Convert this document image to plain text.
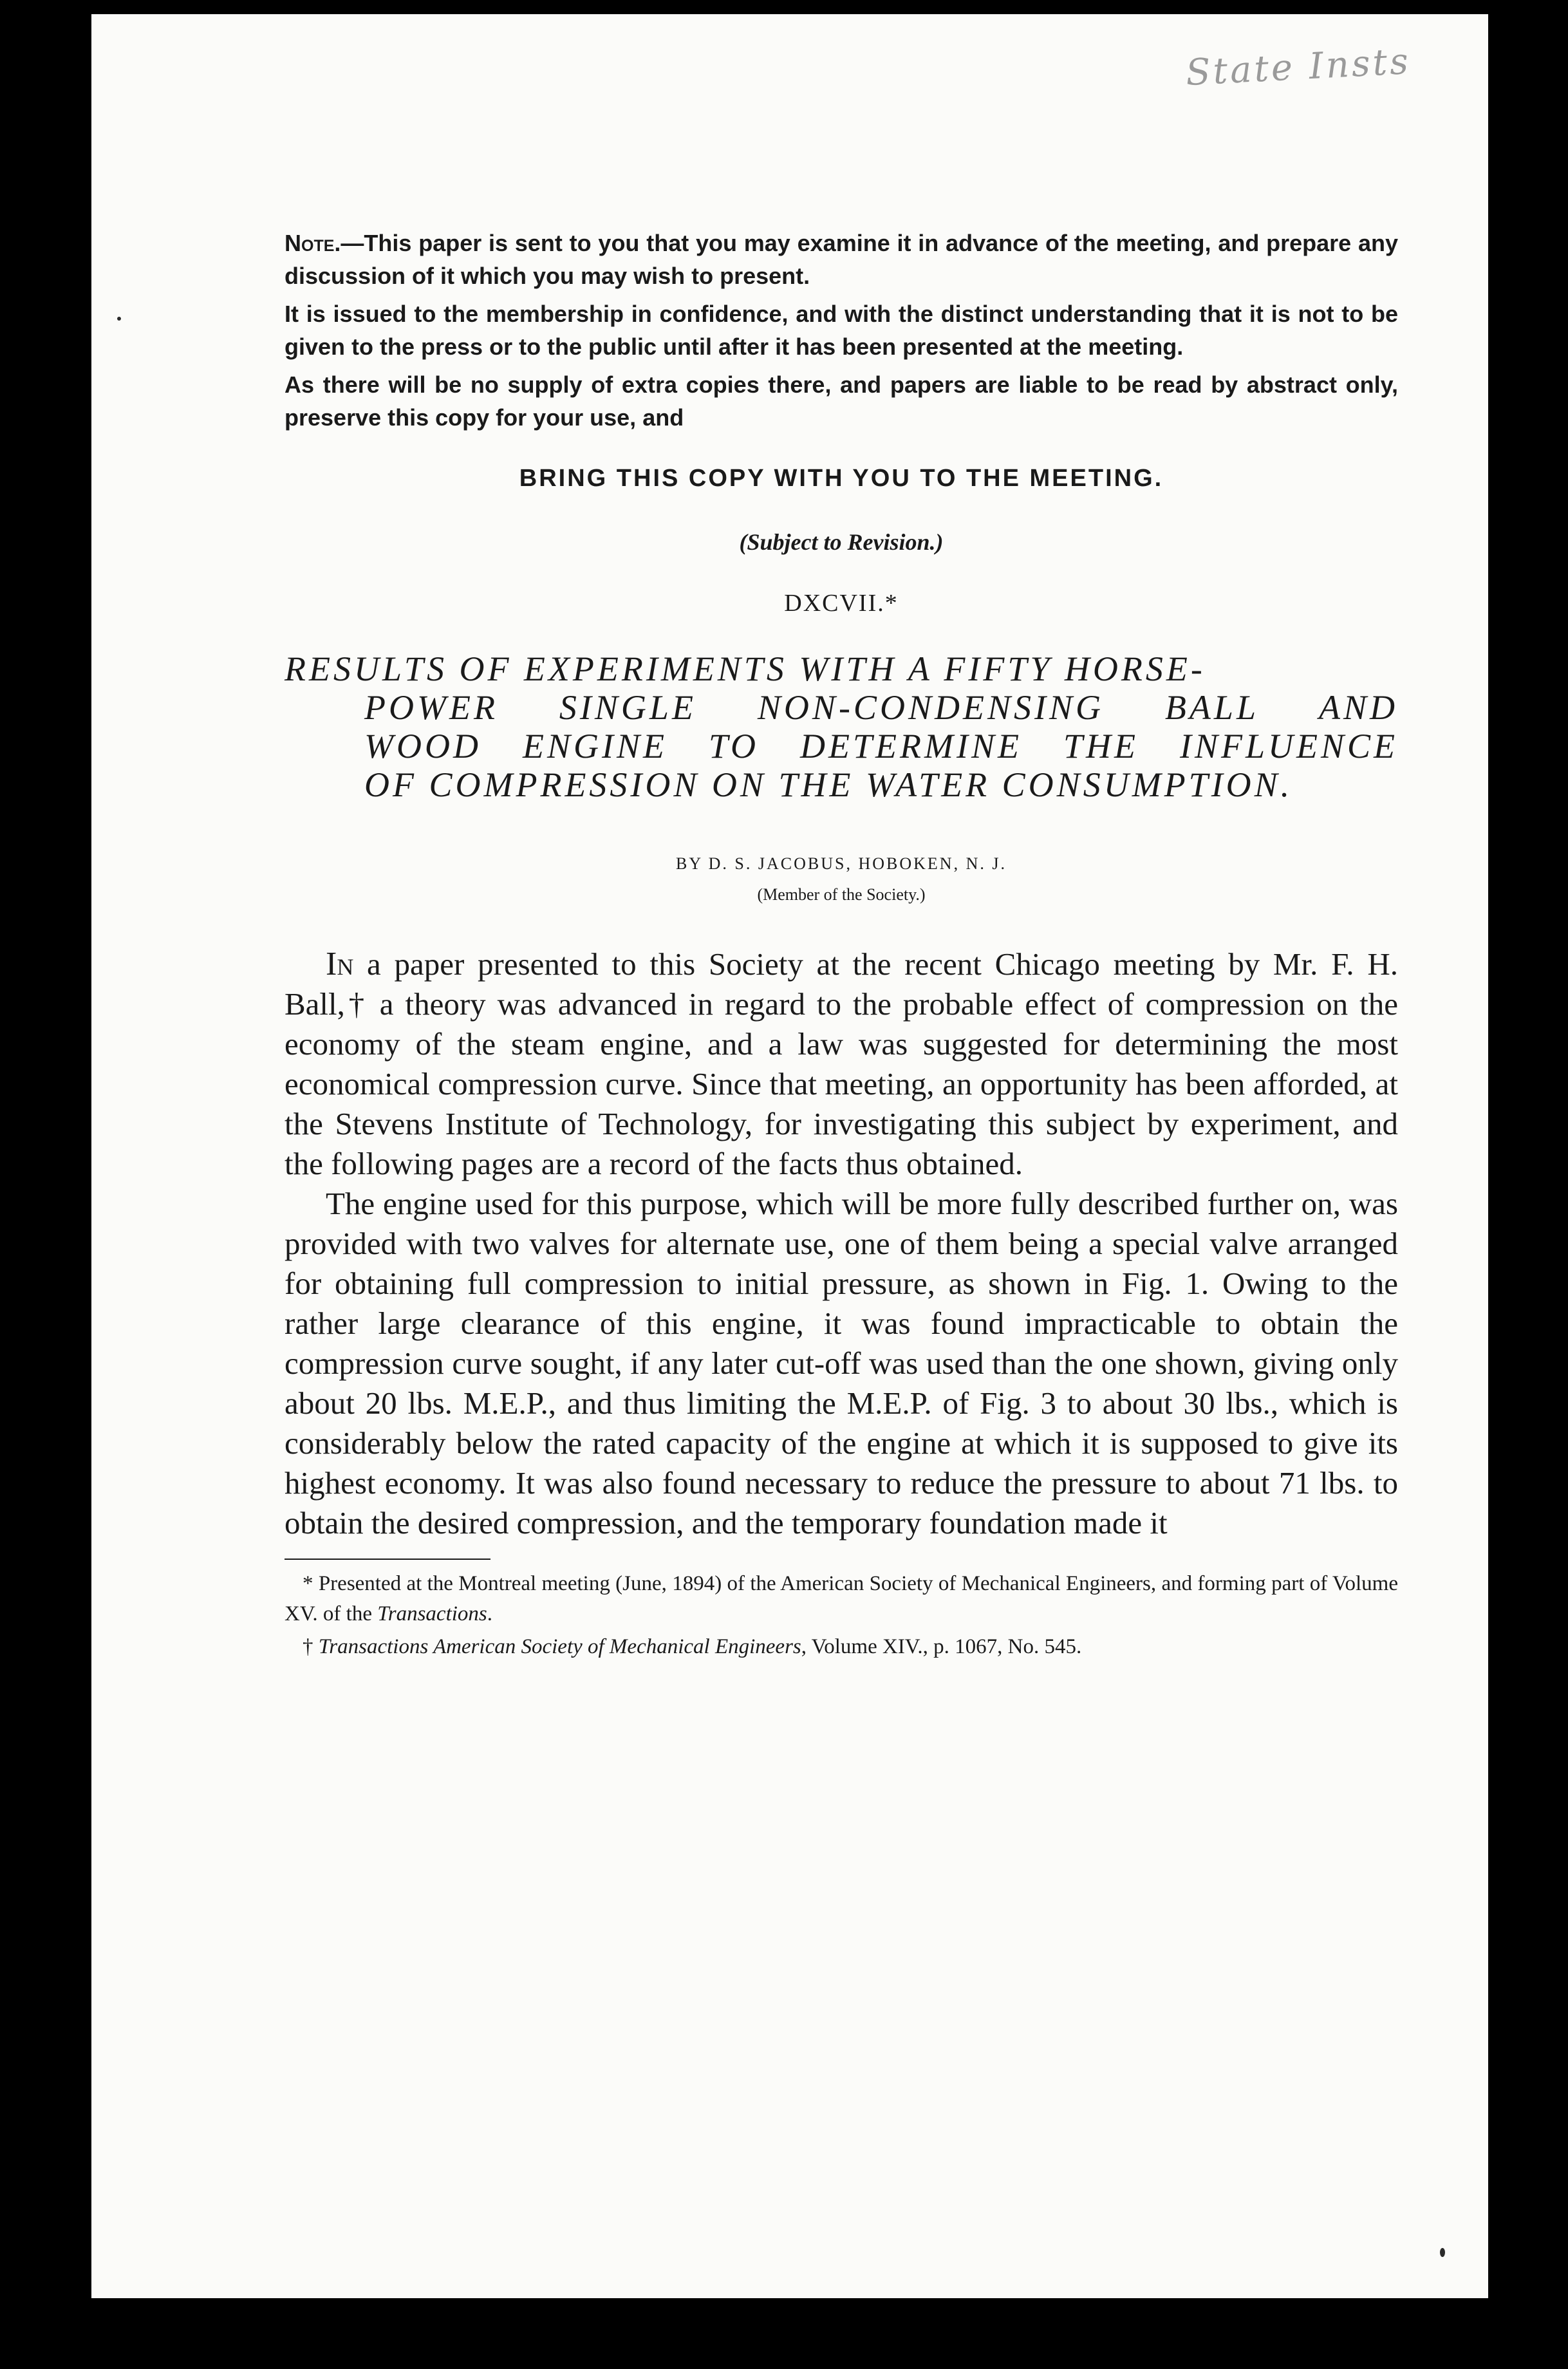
State Insts

Note.—This paper is sent to you that you may examine it in advance of the meeting, and prepare any discussion of it which you may wish to present.

It is issued to the membership in confidence, and with the distinct understanding that it is not to be given to the press or to the public until after it has been presented at the meeting.

As there will be no supply of extra copies there, and papers are liable to be read by abstract only, preserve this copy for your use, and

BRING THIS COPY WITH YOU TO THE MEETING.
(Subject to Revision.)
DXCVII.*
RESULTS OF EXPERIMENTS WITH A FIFTY HORSE-
POWER SINGLE NON-CONDENSING BALL AND
WOOD ENGINE TO DETERMINE THE INFLUENCE
OF COMPRESSION ON THE WATER CONSUMPTION.
BY D. S. JACOBUS, HOBOKEN, N. J.
(Member of the Society.)

In a paper presented to this Society at the recent Chicago meeting by Mr. F. H. Ball,† a theory was advanced in regard to the probable effect of compression on the economy of the steam engine, and a law was suggested for determining the most economical compression curve. Since that meeting, an opportunity has been afforded, at the Stevens Institute of Technology, for investigating this subject by experiment, and the following pages are a record of the facts thus obtained.

The engine used for this purpose, which will be more fully described further on, was provided with two valves for alternate use, one of them being a special valve arranged for obtaining full compression to initial pressure, as shown in Fig. 1. Owing to the rather large clearance of this engine, it was found impracticable to obtain the compression curve sought, if any later cut-off was used than the one shown, giving only about 20 lbs. M.E.P., and thus limiting the M.E.P. of Fig. 3 to about 30 lbs., which is considerably below the rated capacity of the engine at which it is supposed to give its highest economy. It was also found necessary to reduce the pressure to about 71 lbs. to obtain the desired compression, and the temporary foundation made it

* Presented at the Montreal meeting (June, 1894) of the American Society of Mechanical Engineers, and forming part of Volume XV. of the Transactions.

† Transactions American Society of Mechanical Engineers, Volume XIV., p. 1067, No. 545.
